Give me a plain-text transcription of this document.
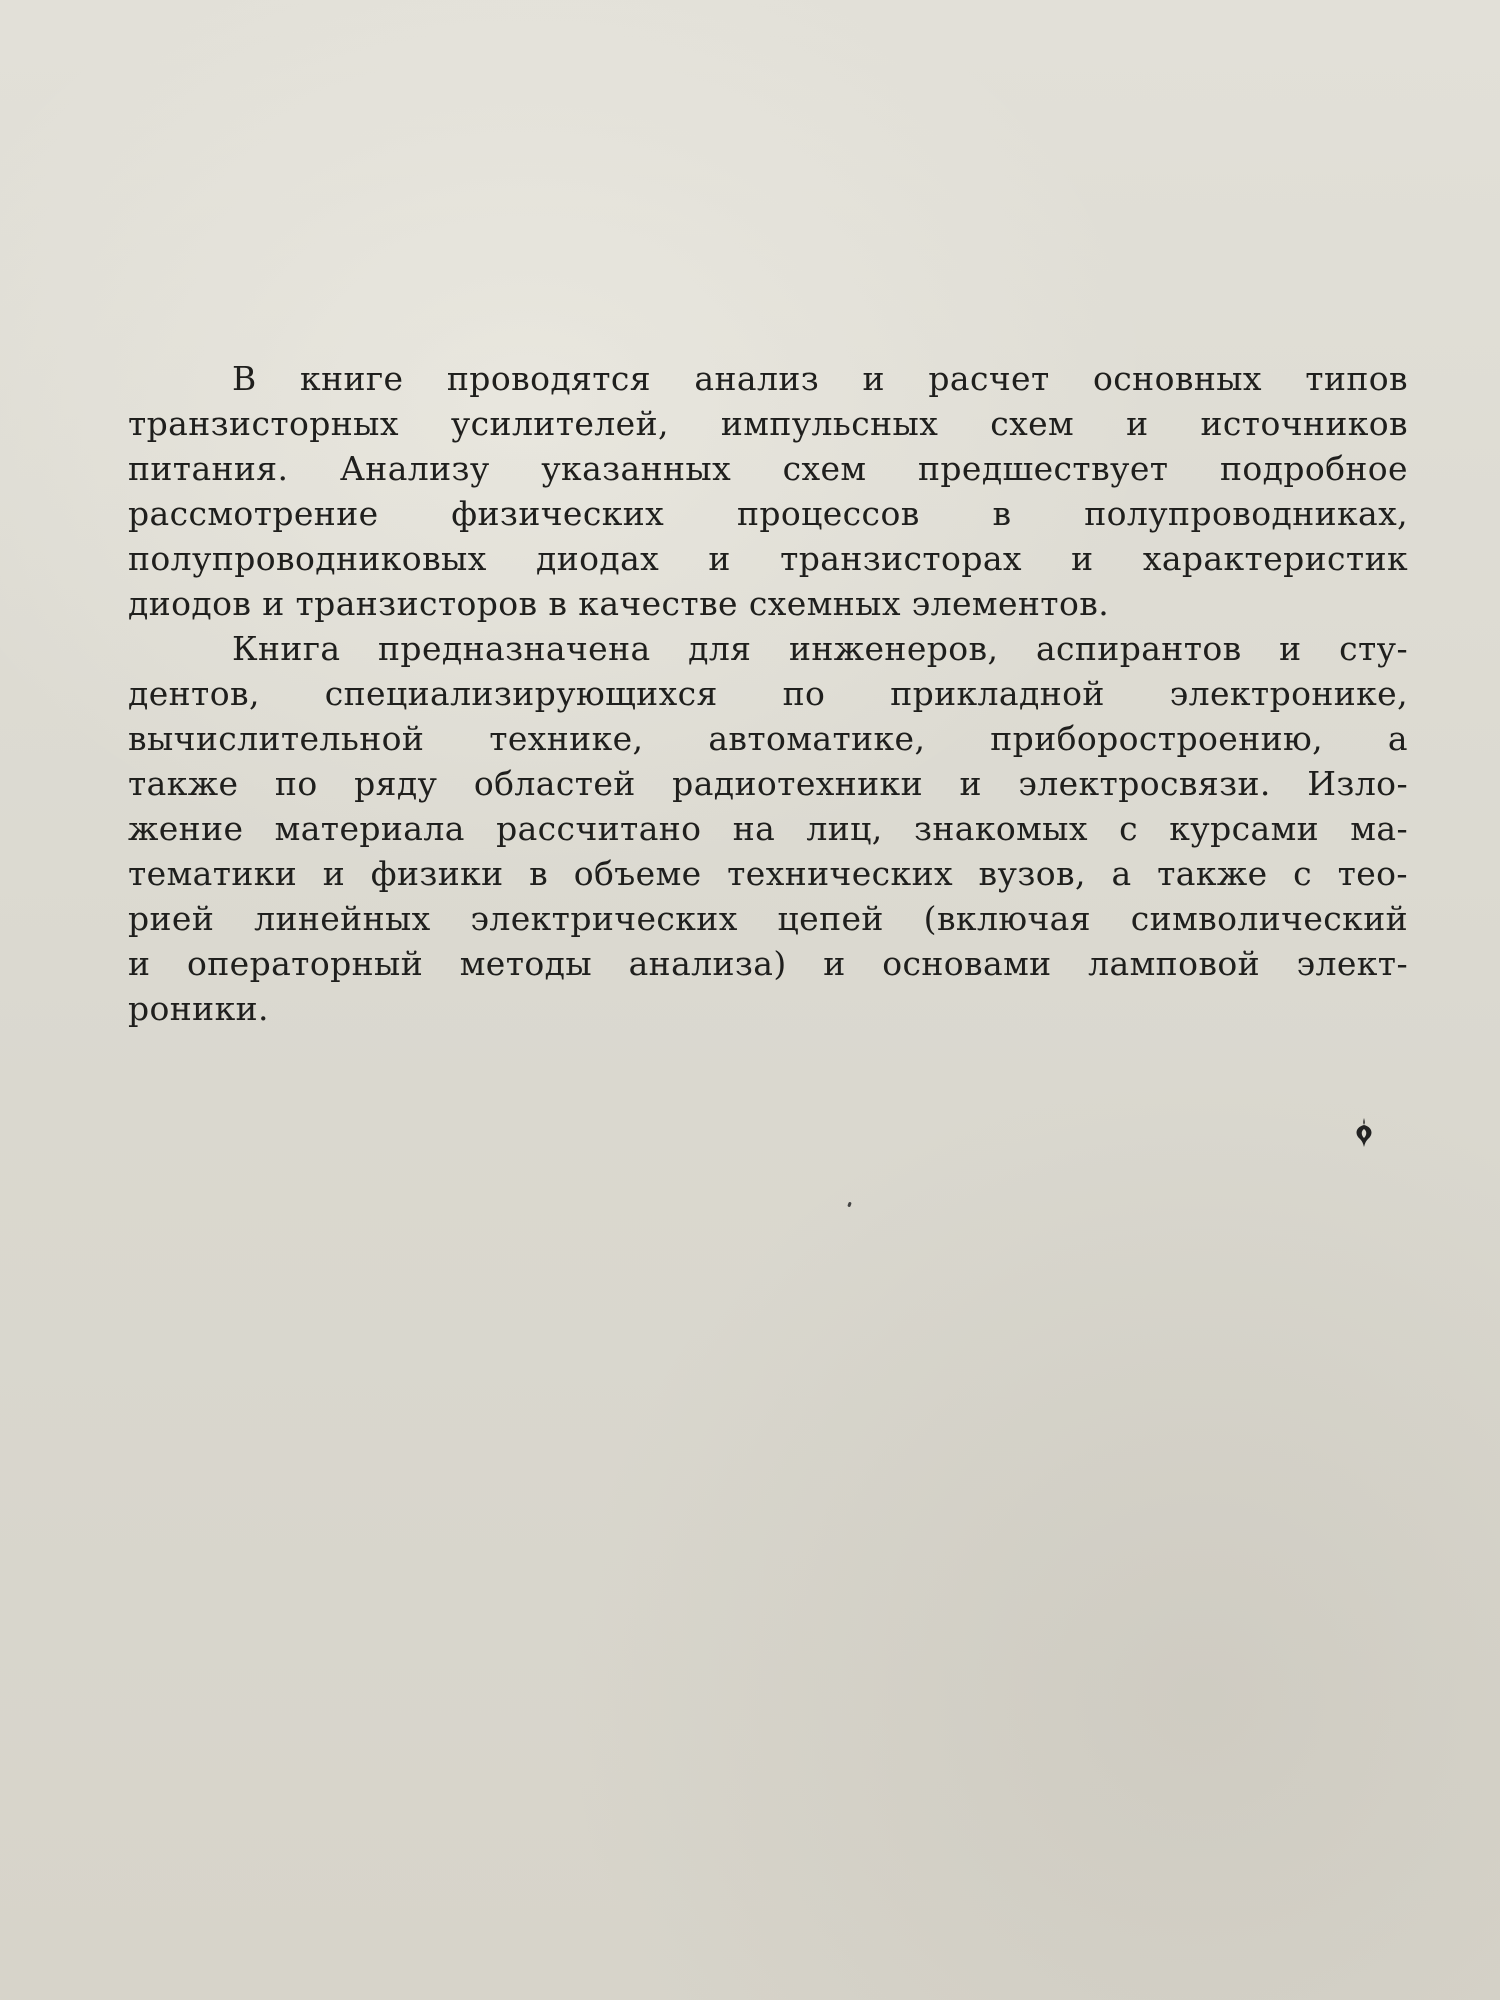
В книге проводятся анализ и расчет основных типов
транзисторных усилителей, импульсных схем и источников
питания. Анализу указанных схем предшествует подробное
рассмотрение физических процессов в полупроводниках,
полупроводниковых диодах и транзисторах и характеристик
диодов и транзисторов в качестве схемных элементов.
Книга предназначена для инженеров, аспирантов и сту-
дентов, специализирующихся по прикладной электронике,
вычислительной технике, автоматике, приборостроению, а
также по ряду областей радиотехники и электросвязи. Изло-
жение материала рассчитано на лиц, знакомых с курсами ма-
тематики и физики в объеме технических вузов, а также с тео-
рией линейных электрических цепей (включая символический
и операторный методы анализа) и основами ламповой элект-
роники.
